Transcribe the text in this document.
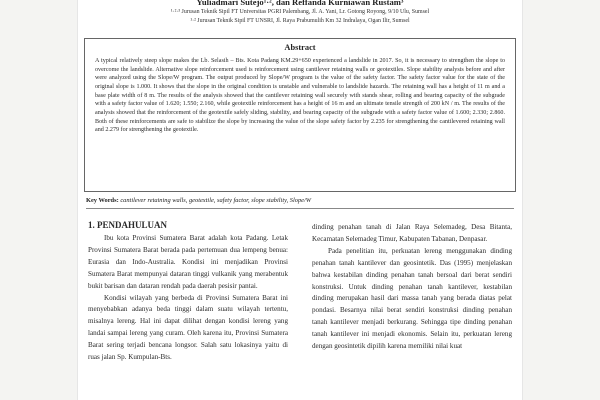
Yuliadmari Sutejo¹·², dan Reffanda Kurniawan Rustam³
¹·²·³ Jurusan Teknik Sipil FT Universitas PGRI Palembang, Jl. A. Yani, Lr. Gotong Royong, 9/10 Ulu, Sumsel
¹·² Jurusan Teknik Sipil FT UNSRI, Jl. Raya Prabumulih Km 32 Indralaya, Ogan Ilir, Sumsel
Abstract
A typical relatively steep slope makes the Lb. Selasih – Bts. Kota Padang KM.29+650 experienced a landslide in 2017. So, it is necessary to strengthen the slope to overcome the landslide. Alternative slope reinforcement used is reinforcement using cantilever retaining walls or geotextiles. Slope stability analysis before and after were analyzed using the Slope/W program. The output produced by Slope/W program is the value of the safety factor. The safety factor value for the state of the original slope is 1.000. It shows that the slope in the original condition is unstable and vulnerable to landslide hazards. The retaining wall has a height of 11 m and a base plate width of 8 m. The results of the analysis showed that the cantilever retaining wall securely with stands shear, rolling and bearing capacity of the subgrade with a safety factor value of 1.620; 1.550; 2.160, while geotextile reinforcement has a height of 16 m and an ultimate tensile strength of 200 kN / m. The results of the analysis showed that the reinforcement of the geotextile safely sliding, stability, and bearing capacity of the subgrade with a safety factor value of 1.600; 2.330; 2.860. Both of these reinforcements are safe to stabilize the slope by increasing the value of the slope safety factor by 2.235 for strengthening the cantilevered retaining wall and 2.279 for strengthening the geotextile.
Key Words: cantilever retaining walls, geotextile, safety factor, slope stability, Slope/W
1. PENDAHULUAN

Ibu kota Provinsi Sumatera Barat adalah kota Padang. Letak Provinsi Sumatera Barat berada pada pertemuan dua lempeng benua: Eurasia dan Indo-Australia. Kondisi ini menjadikan Provinsi Sumatera Barat mempunyai dataran tinggi vulkanik yang merabentuk bukit barisan dan dataran rendah pada daerah pesisir pantai.

Kondisi wilayah yang berbeda di Provinsi Sumatera Barat ini menyebabkan adanya beda tinggi dalam suatu wilayah tertentu, misalnya lereng. Hal ini dapat dilihat dengan kondisi lereng yang landai sampai lereng yang curam. Oleh karena itu, Provinsi Sumatera Barat sering terjadi bencana longsor. Salah satu lokasinya yaitu di ruas jalan Sp. Kumpulan-Bts.

dinding penahan tanah di Jalan Raya Selemadeg, Desa Bitanta, Kecamatan Selemadeg Timur, Kabupaten Tabanan, Denpasar.

Pada penelitian itu, perkuatan lereng menggunakan dinding penahan tanah kantilever dan geosintetik. Das (1995) menjelaskan bahwa kestabilan dinding penahan tanah bersoal dari berat sendiri konstruksi. Untuk dinding penahan tanah kantilever, kestabilan dinding merupakan hasil dari massa tanah yang berada diatas pelat pondasi. Besarnya nilai berat sendiri konstruksi dinding penahan tanah kantilever menjadi berkurang. Sehingga tipe dinding penahan tanah kantilever ini menjadi ekonomis. Selain itu, perkuatan lereng dengan geosintetik dipilih karena memiliki nilai kuat
